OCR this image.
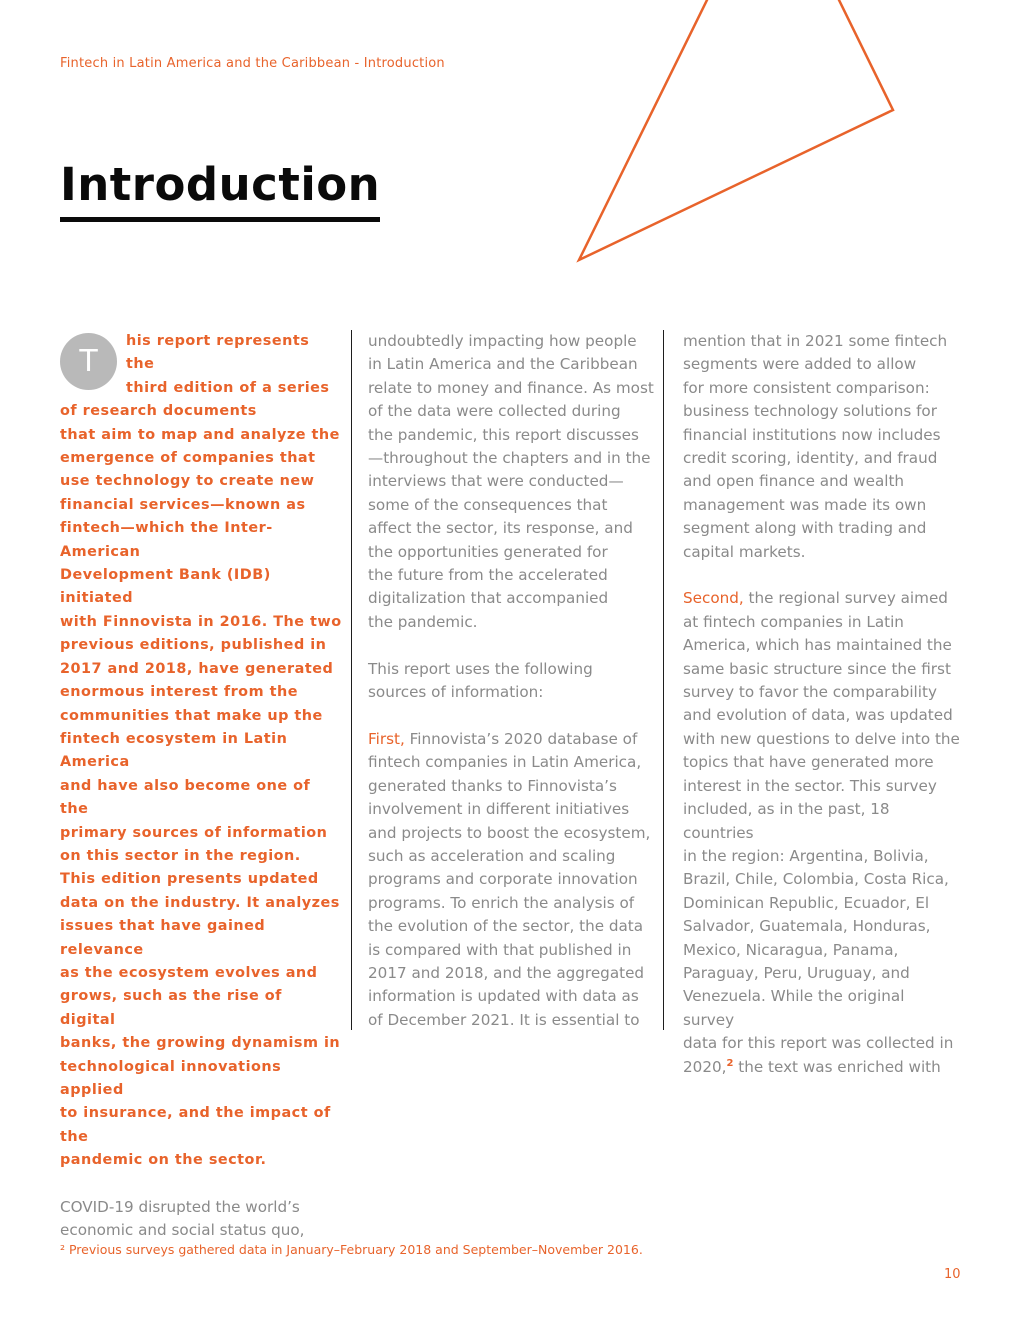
Fintech in Latin America and the Caribbean - Introduction
Introduction
T
his report represents the
third edition of a series
of research documents
that aim to map and analyze the
emergence of companies that
use technology to create new
financial services—known as
fintech—which the Inter-American
Development Bank (IDB) initiated
with Finnovista in 2016. The two
previous editions, published in
2017 and 2018, have generated
enormous interest from the
communities that make up the
fintech ecosystem in Latin America
and have also become one of the
primary sources of information
on this sector in the region.
This edition presents updated
data on the industry. It analyzes
issues that have gained relevance
as the ecosystem evolves and
grows, such as the rise of digital
banks, the growing dynamism in
technological innovations applied
to insurance, and the impact of the
pandemic on the sector.

COVID-19 disrupted the world’s
economic and social status quo,

undoubtedly impacting how people
in Latin America and the Caribbean
relate to money and finance. As most
of the data were collected during
the pandemic, this report discusses
—throughout the chapters and in the
interviews that were conducted—
some of the consequences that
affect the sector, its response, and
the opportunities generated for
the future from the accelerated
digitalization that accompanied
the pandemic.

This report uses the following
sources of information:

First, Finnovista’s 2020 database of
fintech companies in Latin America,
generated thanks to Finnovista’s
involvement in different initiatives
and projects to boost the ecosystem,
such as acceleration and scaling
programs and corporate innovation
programs. To enrich the analysis of
the evolution of the sector, the data
is compared with that published in
2017 and 2018, and the aggregated
information is updated with data as
of December 2021. It is essential to

mention that in 2021 some fintech
segments were added to allow
for more consistent comparison:
business technology solutions for
financial institutions now includes
credit scoring, identity, and fraud
and open finance and wealth
management was made its own
segment along with trading and
capital markets.

Second, the regional survey aimed
at fintech companies in Latin
America, which has maintained the
same basic structure since the first
survey to favor the comparability
and evolution of data, was updated
with new questions to delve into the
topics that have generated more
interest in the sector. This survey
included, as in the past, 18 countries
in the region: Argentina, Bolivia,
Brazil, Chile, Colombia, Costa Rica,
Dominican Republic, Ecuador, El
Salvador, Guatemala, Honduras,
Mexico, Nicaragua, Panama,
Paraguay, Peru, Uruguay, and
Venezuela. While the original survey
data for this report was collected in
2020,$^2$ the text was enriched with

² Previous surveys gathered data in January–February 2018 and September–November 2016.
10
